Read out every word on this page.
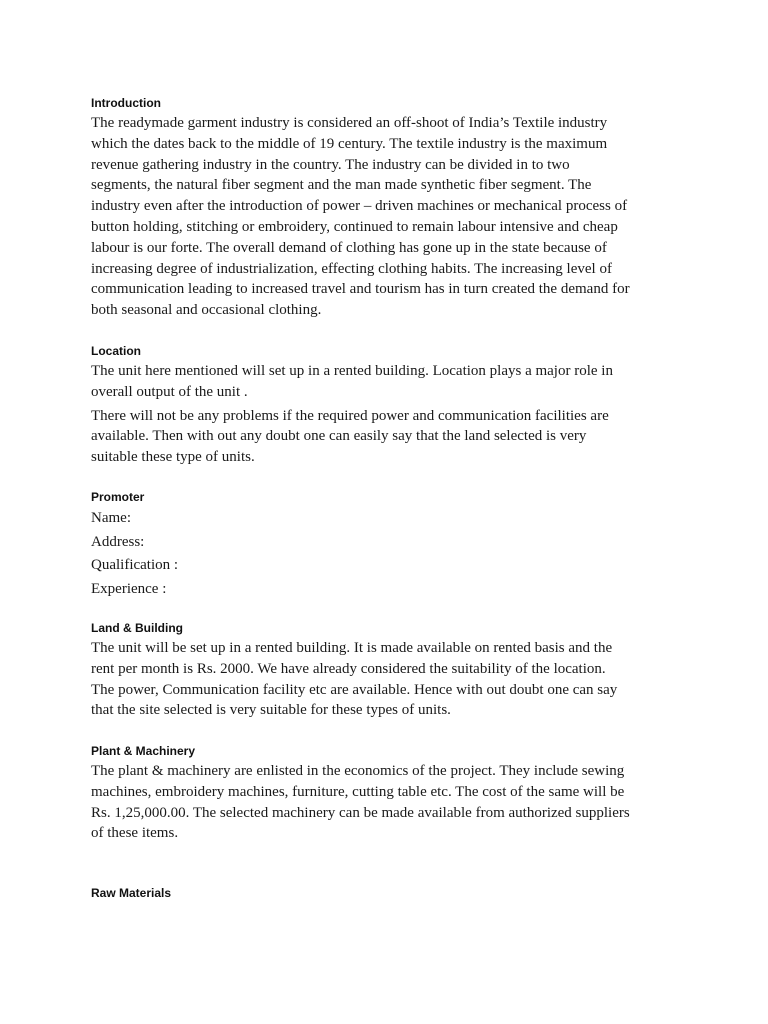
Introduction

The readymade garment industry is considered an off-shoot of India’s Textile industry
which the dates back to the middle of 19 century. The textile industry is the maximum
revenue gathering industry in the country. The industry can be divided in to two
segments, the natural fiber segment and the man made synthetic fiber segment. The
industry even after the introduction of power – driven machines or mechanical process of
button holding, stitching or embroidery, continued to remain labour intensive and cheap
labour is our forte. The overall demand of clothing has gone up in the state because of
increasing degree of industrialization, effecting clothing habits. The increasing level of
communication leading to increased travel and tourism has in turn created the demand for
both seasonal and occasional clothing.

Location

The unit here mentioned will set up in a rented building. Location plays a major role in
overall output of the unit .

There will not be any problems if the required power and communication facilities are
available. Then with out any doubt one can easily say that the land selected is very
suitable these type of units.

Promoter
Name:
Address:
Qualification :
Experience :
Land & Building

The unit will be set up in a rented building. It is made available on rented basis and the
rent per month is Rs. 2000. We have already considered the suitability of the location.
The power, Communication facility etc are available. Hence with out doubt one can say
that the site selected is very suitable for these types of units.

Plant & Machinery

The plant & machinery are enlisted in the economics of the project. They include sewing
machines, embroidery machines, furniture, cutting table etc. The cost of the same will be
Rs. 1,25,000.00. The selected machinery can be made available from authorized suppliers
of these items.

Raw Materials
